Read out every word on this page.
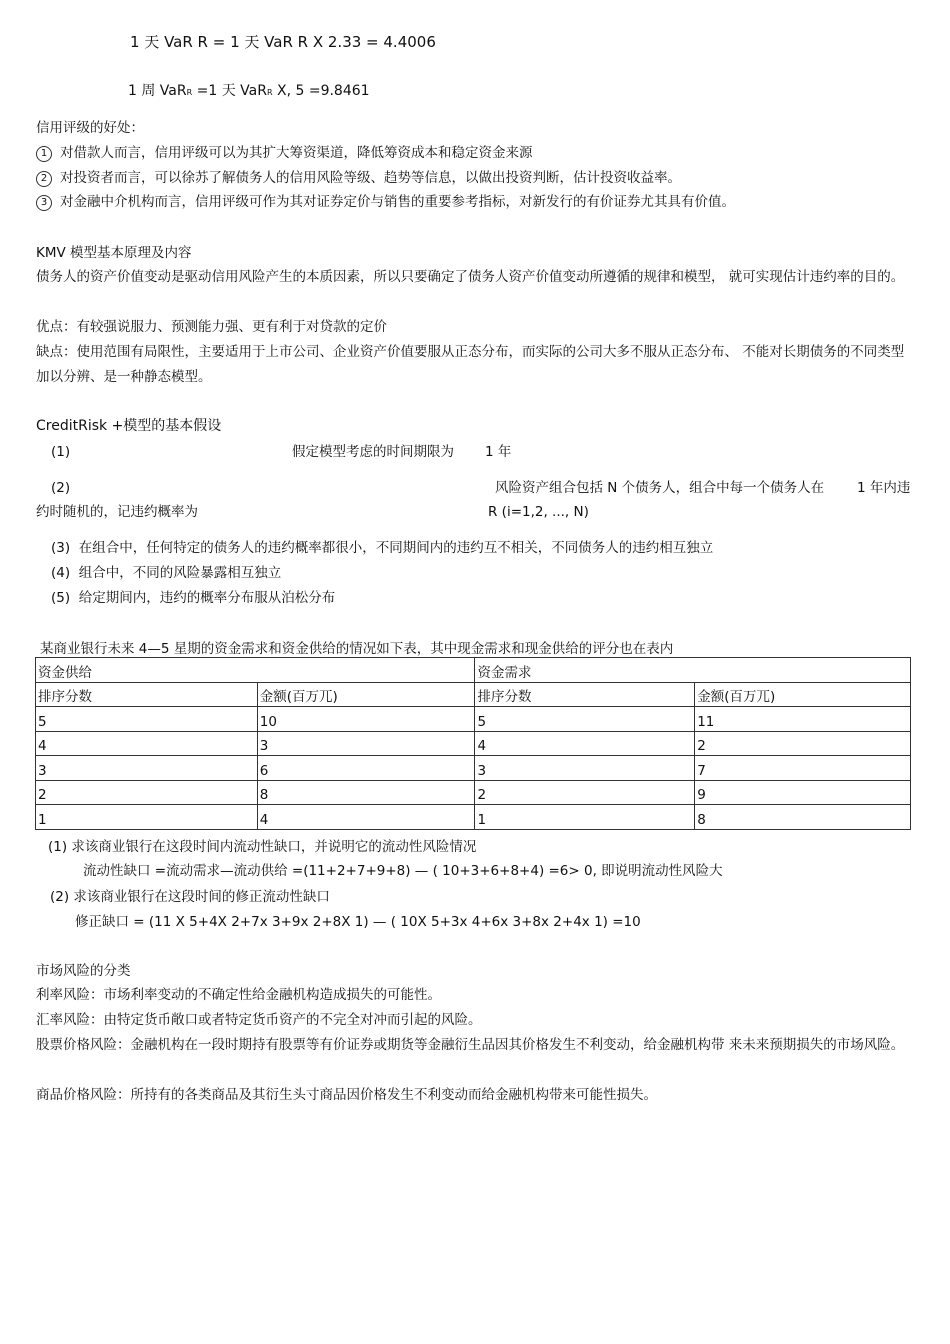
1 天 VaR R = 1 天 VaR R X 2.33 = 4.4006
1 周 VaRR =1 天 VaRR X, 5 =9.8461
信用评级的好处：
1 对借款人而言，信用评级可以为其扩大筹资渠道，降低筹资成本和稳定资金来源
2 对投资者而言，可以徐苏了解债务人的信用风险等级、趋势等信息，以做出投资判断，估计投资收益率。
3 对金融中介机构而言，信用评级可作为其对证券定价与销售的重要参考指标，对新发行的有价证券尤其具有价值。
KMV 模型基本原理及内容
债务人的资产价值变动是驱动信用风险产生的本质因素，所以只要确定了债务人资产价值变动所遵循的规律和模型， 就可实现估计违约率的目的。
优点：有较强说服力、预测能力强、更有利于对贷款的定价
缺点：使用范围有局限性，主要适用于上市公司、企业资产价值要服从正态分布，而实际的公司大多不服从正态分布、 不能对长期债务的不同类型加以分辨、是一种静态模型。
CreditRisk +模型的基本假设
(1)	假定模型考虑的时间期限为 1 年
(2)	风险资产组合包括 N 个债务人，组合中每一个债务人在 1 年内违
约时随机的，记违约概率为	R (i=1,2, ..., N)
(3) 在组合中，任何特定的债务人的违约概率都很小，不同期间内的违约互不相关，不同债务人的违约相互独立
(4) 组合中，不同的风险暴露相互独立
(5) 给定期间内，违约的概率分布服从泊松分布
某商业银行未来 4—5 星期的资金需求和资金供给的情况如下表，其中现金需求和现金供给的评分也在表内
资金供给		资金需求	
排序分数	金额(百万兀)	排序分数	金额(百万兀)
5	10	5	11
4	3	4	2
3	6	3	7
2	8	2	9
1	4	1	8
(1) 求该商业银行在这段时间内流动性缺口，并说明它的流动性风险情况
流动性缺口 =流动需求—流动供给 =(11+2+7+9+8) — ( 10+3+6+8+4) =6> 0, 即说明流动性风险大
(2) 求该商业银行在这段时间的修正流动性缺口
修正缺口 = (11 X 5+4X 2+7x 3+9x 2+8X 1) — ( 10X 5+3x 4+6x 3+8x 2+4x 1) =10
市场风险的分类
利率风险：市场利率变动的不确定性给金融机构造成损失的可能性。
汇率风险：由特定货币敞口或者特定货币资产的不完全对冲而引起的风险。
股票价格风险：金融机构在一段时期持有股票等有价证券或期货等金融衍生品因其价格发生不利变动，给金融机构带 来未来预期损失的市场风险。
商品价格风险：所持有的各类商品及其衍生头寸商品因价格发生不利变动而给金融机构带来可能性损失。
